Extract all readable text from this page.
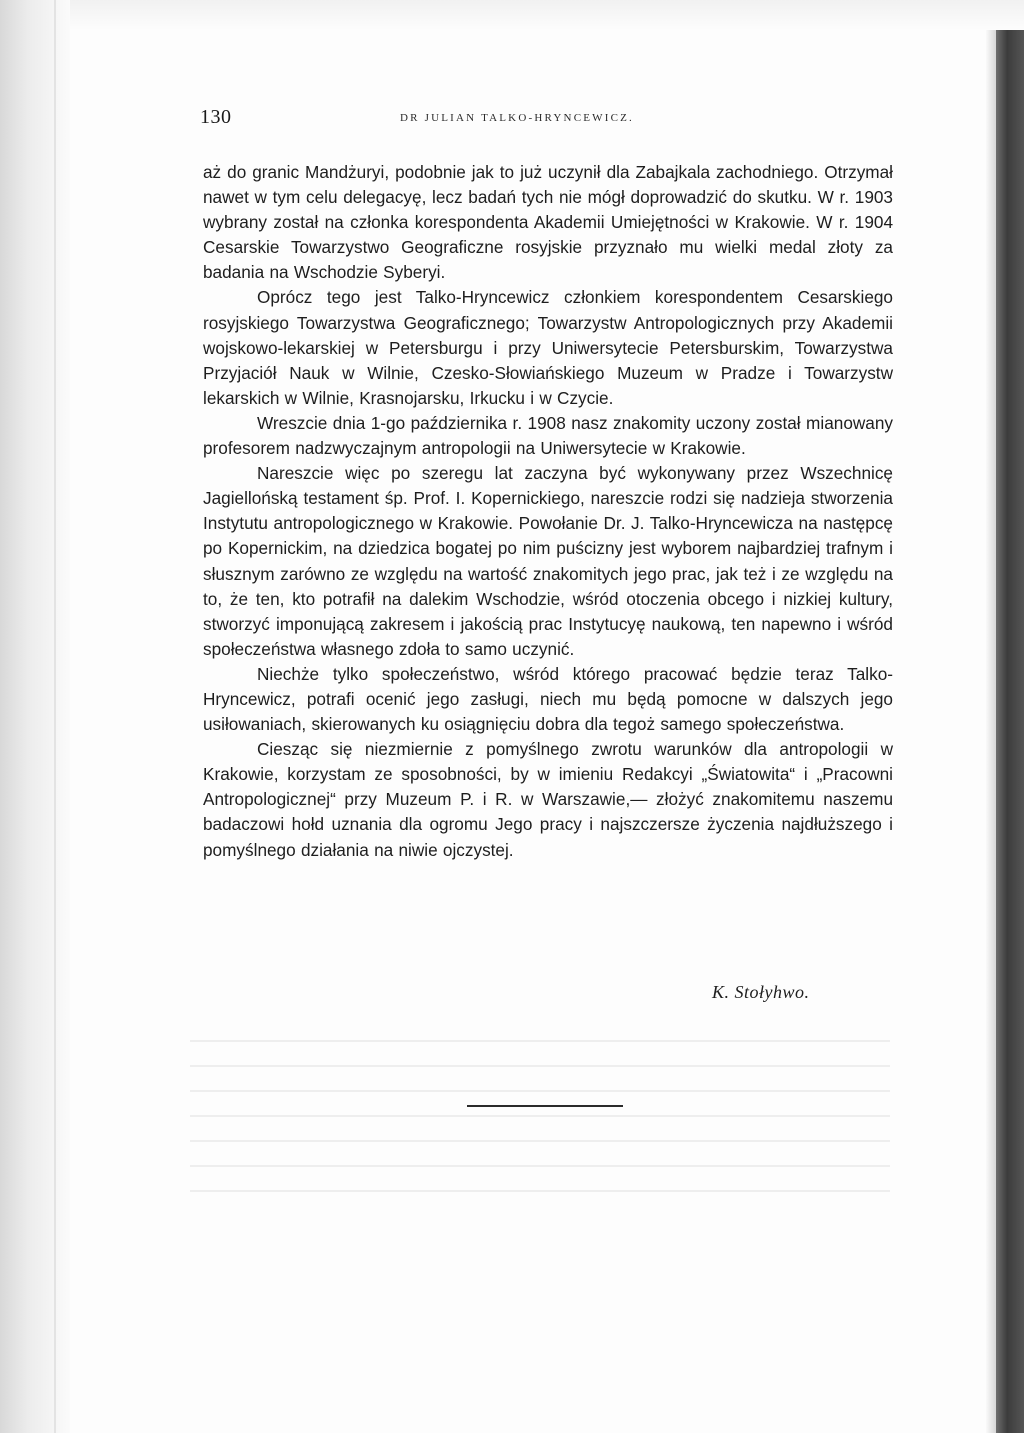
130	DR JULIAN TALKO-HRYNCEWICZ.

aż do granic Mandżuryi, podobnie jak to już uczynił dla Zabajkala zachodniego. Otrzymał nawet w tym celu delegacyę, lecz badań tych nie mógł doprowadzić do skutku. W r. 1903 wybrany został na członka korespondenta Akademii Umiejętności w Krakowie. W r. 1904 Cesarskie Towarzystwo Geograficzne rosyjskie przyznało mu wielki medal złoty za badania na Wschodzie Syberyi.

Oprócz tego jest Talko-Hryncewicz członkiem korespondentem Cesarskiego rosyjskiego Towarzystwa Geograficznego; Towarzystw Antropologicznych przy Akademii wojskowo-lekarskiej w Petersburgu i przy Uniwersytecie Petersburskim, Towarzystwa Przyjaciół Nauk w Wilnie, Czesko-Słowiańskiego Muzeum w Pradze i Towarzystw lekarskich w Wilnie, Krasnojarsku, Irkucku i w Czycie.

Wreszcie dnia 1-go października r. 1908 nasz znakomity uczony został mianowany profesorem nadzwyczajnym antropologii na Uniwersytecie w Krakowie.

Nareszcie więc po szeregu lat zaczyna być wykonywany przez Wszechnicę Jagiellońską testament śp. Prof. I. Kopernickiego, nareszcie rodzi się nadzieja stworzenia Instytutu antropologicznego w Krakowie. Powołanie Dr. J. Talko-Hryncewicza na następcę po Kopernickim, na dziedzica bogatej po nim puścizny jest wyborem najbardziej trafnym i słusznym zarówno ze względu na wartość znakomitych jego prac, jak też i ze względu na to, że ten, kto potrafił na dalekim Wschodzie, wśród otoczenia obcego i nizkiej kultury, stworzyć imponującą zakresem i jakością prac Instytucyę naukową, ten napewno i wśród społeczeństwa własnego zdoła to samo uczynić.

Niechże tylko społeczeństwo, wśród którego pracować będzie teraz Talko-Hryncewicz, potrafi ocenić jego zasługi, niech mu będą pomocne w dalszych jego usiłowaniach, skierowanych ku osiągnięciu dobra dla tegoż samego społeczeństwa.

Ciesząc się niezmiernie z pomyślnego zwrotu warunków dla antropologii w Krakowie, korzystam ze sposobności, by w imieniu Redakcyi „Światowita“ i „Pracowni Antropologicznej“ przy Muzeum P. i R. w Warszawie,— złożyć znakomitemu naszemu badaczowi hołd uznania dla ogromu Jego pracy i najszczersze życzenia najdłuższego i pomyślnego działania na niwie ojczystej.

K. Stołyhwo.
